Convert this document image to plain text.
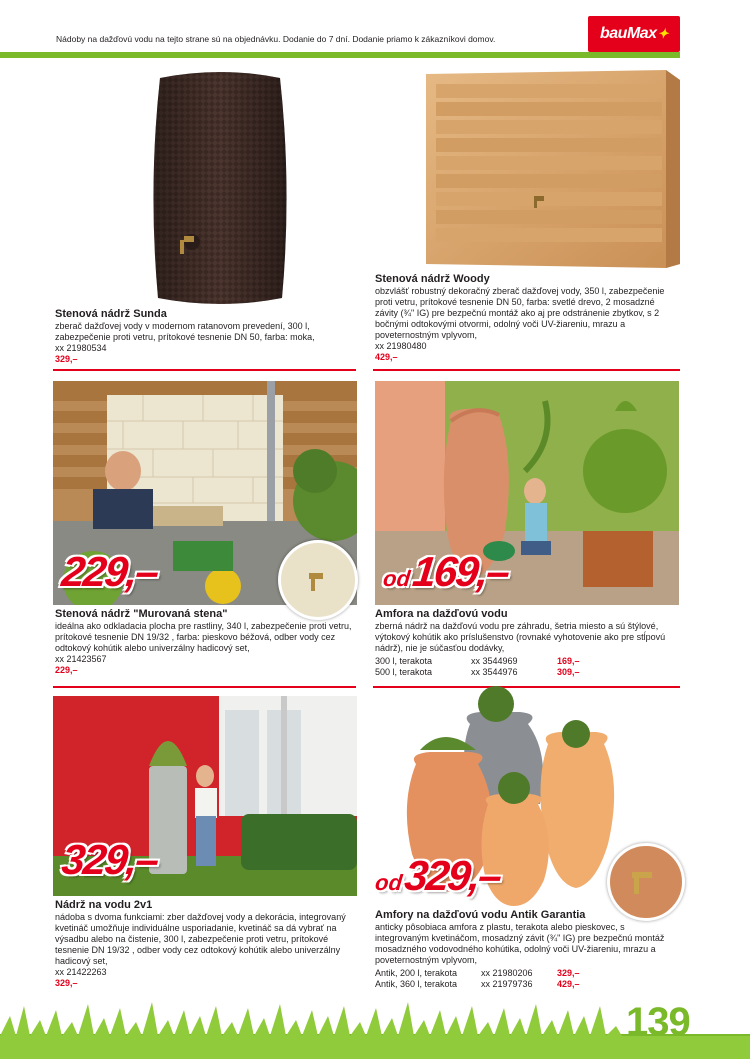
Nádoby na dažďovú vodu na tejto strane sú na objednávku. Dodanie do 7 dní. Dodanie priamo k zákazníkovi domov.	bauMax ✦
Stenová nádrž Sunda

zberač dažďovej vody v modernom ratanovom prevedení, 300 l, zabezpečenie proti vetru, prítokové tesnenie DN 50, farba: moka,

xx 21980534

329,–
Stenová nádrž Woody

obzvlášť robustný dekoračný zberač dažďovej vody, 350 l, zabezpečenie proti vetru, prítokové tesnenie DN 50, farba: svetlé drevo, 2 mosadzné závity (¾" IG) pre bezpečnú montáž ako aj pre odstránenie zbytkov, s 2 bočnými odtokovými otvormi, odolný voči UV-žiareniu, mrazu a poveternostným vplyvom,

xx 21980480

429,–
229,–
Stenová nádrž "Murovaná stena"

ideálna ako odkladacia plocha pre rastliny, 340 l, zabezpečenie proti vetru, prítokové tesnenie DN 19/32 , farba: pieskovo béžová, odber vody cez odtokový kohútik alebo univerzálny hadicový set,

xx 21423567

229,–
od169,–
Amfora na dažďovú vodu

zberná nádrž na dažďovú vodu pre záhradu, šetria miesto a sú štýlové, výtokový kohútik ako príslušenstvo (rovnaké vyhotovenie ako pre stĺpovú nádrž), nie je súčasťou dodávky,

300 l, terakota	xx 3544969	169,–
500 l, terakota	xx 3544976	309,–
329,–
Nádrž na vodu 2v1

nádoba s dvoma funkciami: zber dažďovej vody a dekorácia, integrovaný kvetináč umožňuje individuálne usporiadanie, kvetináč sa dá vybrať na výsadbu alebo na čistenie, 300 l, zabezpečenie proti vetru, prítokové tesnenie DN 19/32 , odber vody cez odtokový kohútik alebo univerzálny hadicový set,

xx 21422263

329,–
od329,–
Amfory na dažďovú vodu Antik Garantia

anticky pôsobiaca amfora z plastu, terakota alebo pieskovec, s integrovaným kvetináčom, mosadzný závit (¾" IG) pre bezpečnú montáž mosadzného vodovodného kohútika, odolný voči UV-žiareniu, mrazu a poveternostným vplyvom,

Antik, 200 l, terakota	xx 21980206	329,–
Antik, 360 l, terakota	xx 21979736	429,–
139
